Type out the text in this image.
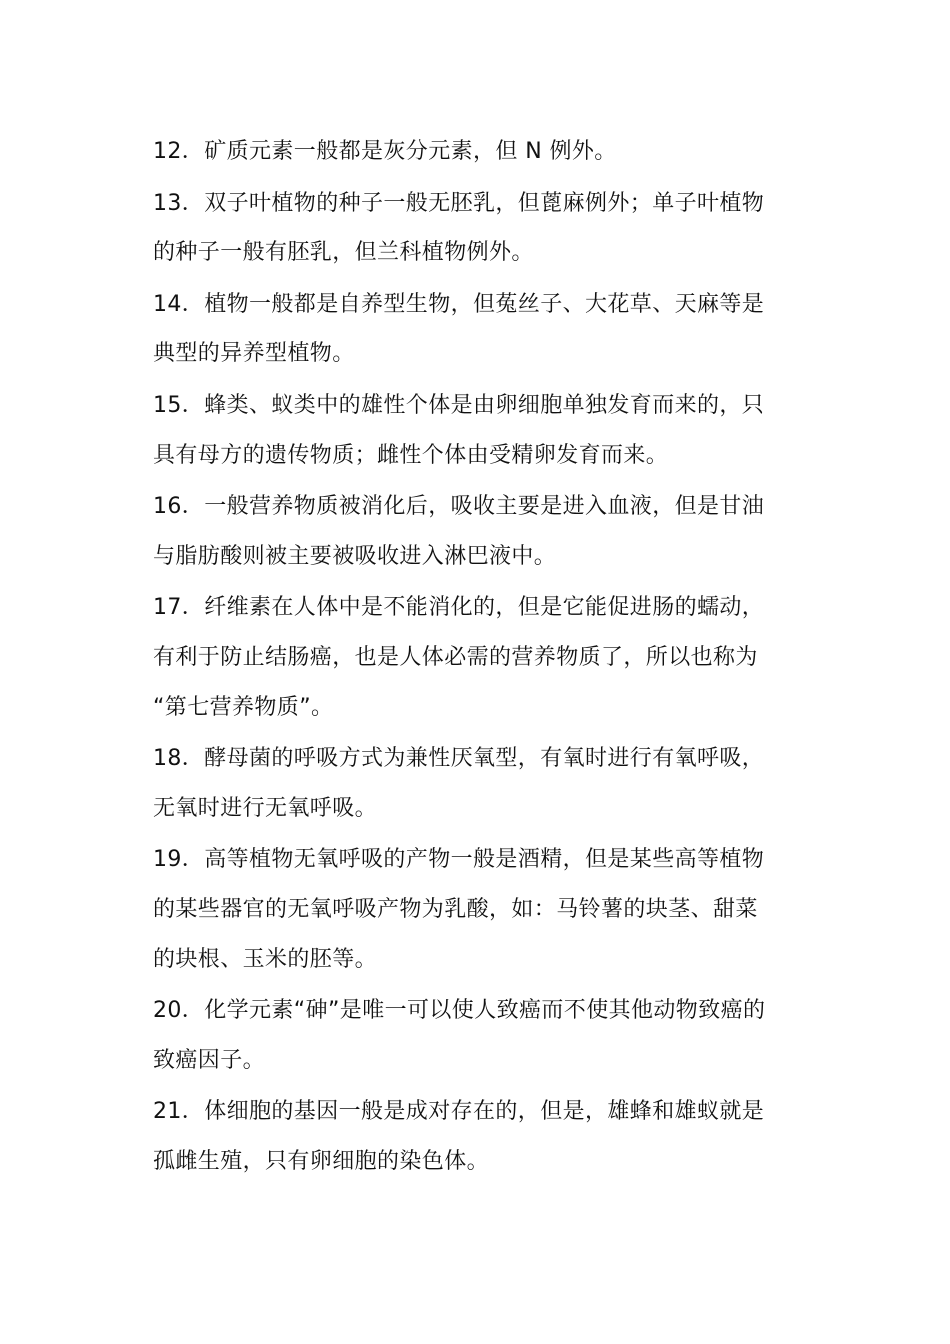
12．矿质元素一般都是灰分元素，但 N 例外。
13．双子叶植物的种子一般无胚乳，但蓖麻例外；单子叶植物
的种子一般有胚乳，但兰科植物例外。
14．植物一般都是自养型生物，但菟丝子、大花草、天麻等是
典型的异养型植物。
15．蜂类、蚁类中的雄性个体是由卵细胞单独发育而来的，只
具有母方的遗传物质；雌性个体由受精卵发育而来。
16．一般营养物质被消化后，吸收主要是进入血液，但是甘油
与脂肪酸则被主要被吸收进入淋巴液中。
17．纤维素在人体中是不能消化的，但是它能促进肠的蠕动，
有利于防止结肠癌，也是人体必需的营养物质了，所以也称为
“第七营养物质”。
18．酵母菌的呼吸方式为兼性厌氧型，有氧时进行有氧呼吸，
无氧时进行无氧呼吸。
19．高等植物无氧呼吸的产物一般是酒精，但是某些高等植物
的某些器官的无氧呼吸产物为乳酸，如：马铃薯的块茎、甜菜
的块根、玉米的胚等。
20．化学元素“砷”是唯一可以使人致癌而不使其他动物致癌的
致癌因子。
21．体细胞的基因一般是成对存在的，但是，雄蜂和雄蚁就是
孤雌生殖，只有卵细胞的染色体。
